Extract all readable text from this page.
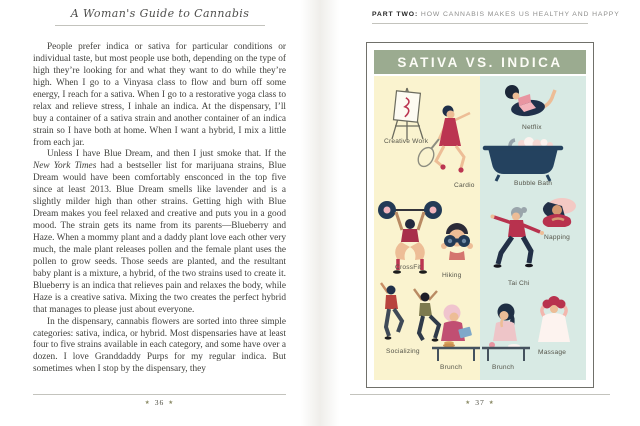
A Woman's Guide to Cannabis

People prefer indica or sativa for particular conditions or individual taste, but most people use both, depending on the type of high they’re looking for and what they want to do while they’re high. When I go to a Vinyasa class to flow and burn off some energy, I reach for a sativa. When I go to a restorative yoga class to relax and relieve stress, I inhale an indica. At the dispensary, I’ll buy a container of a sativa strain and another container of an indica strain so I have both at home. When I want a hybrid, I mix a little from each jar.

Unless I have Blue Dream, and then I just smoke that. If the New York Times had a bestseller list for marijuana strains, Blue Dream would have been comfortably ensconced in the top five since at least 2013. Blue Dream smells like lavender and is a slightly milder high than other strains. Getting high with Blue Dream makes you feel relaxed and creative and puts you in a good mood. The strain gets its name from its parents—Blueberry and Haze. When a mommy plant and a daddy plant love each other very much, the male plant releases pollen and the female plant uses the pollen to grow seeds. Those seeds are planted, and the resultant baby plant is a mixture, a hybrid, of the two strains used to create it. Blueberry is an indica that relieves pain and relaxes the body, while Haze is a creative sativa. Mixing the two creates the perfect hybrid that manages to please just about everyone.

In the dispensary, cannabis flowers are sorted into three simple categories: sativa, indica, or hybrid. Most dispensaries have at least four to five strains available in each category, and some have over a dozen. I love Granddaddy Purps for my regular indica. But sometimes when I stop by the dispensary, they

★ 36 ★
PART TWO: HOW CANNABIS MAKES US HEALTHY AND HAPPY
SATIVA VS. INDICA
Creative Work
Cardio
CrossFit
Hiking
Socializing
Brunch
Netflix
Bubble Bath
Napping
Tai Chi
Massage
Brunch
★ 37 ★
